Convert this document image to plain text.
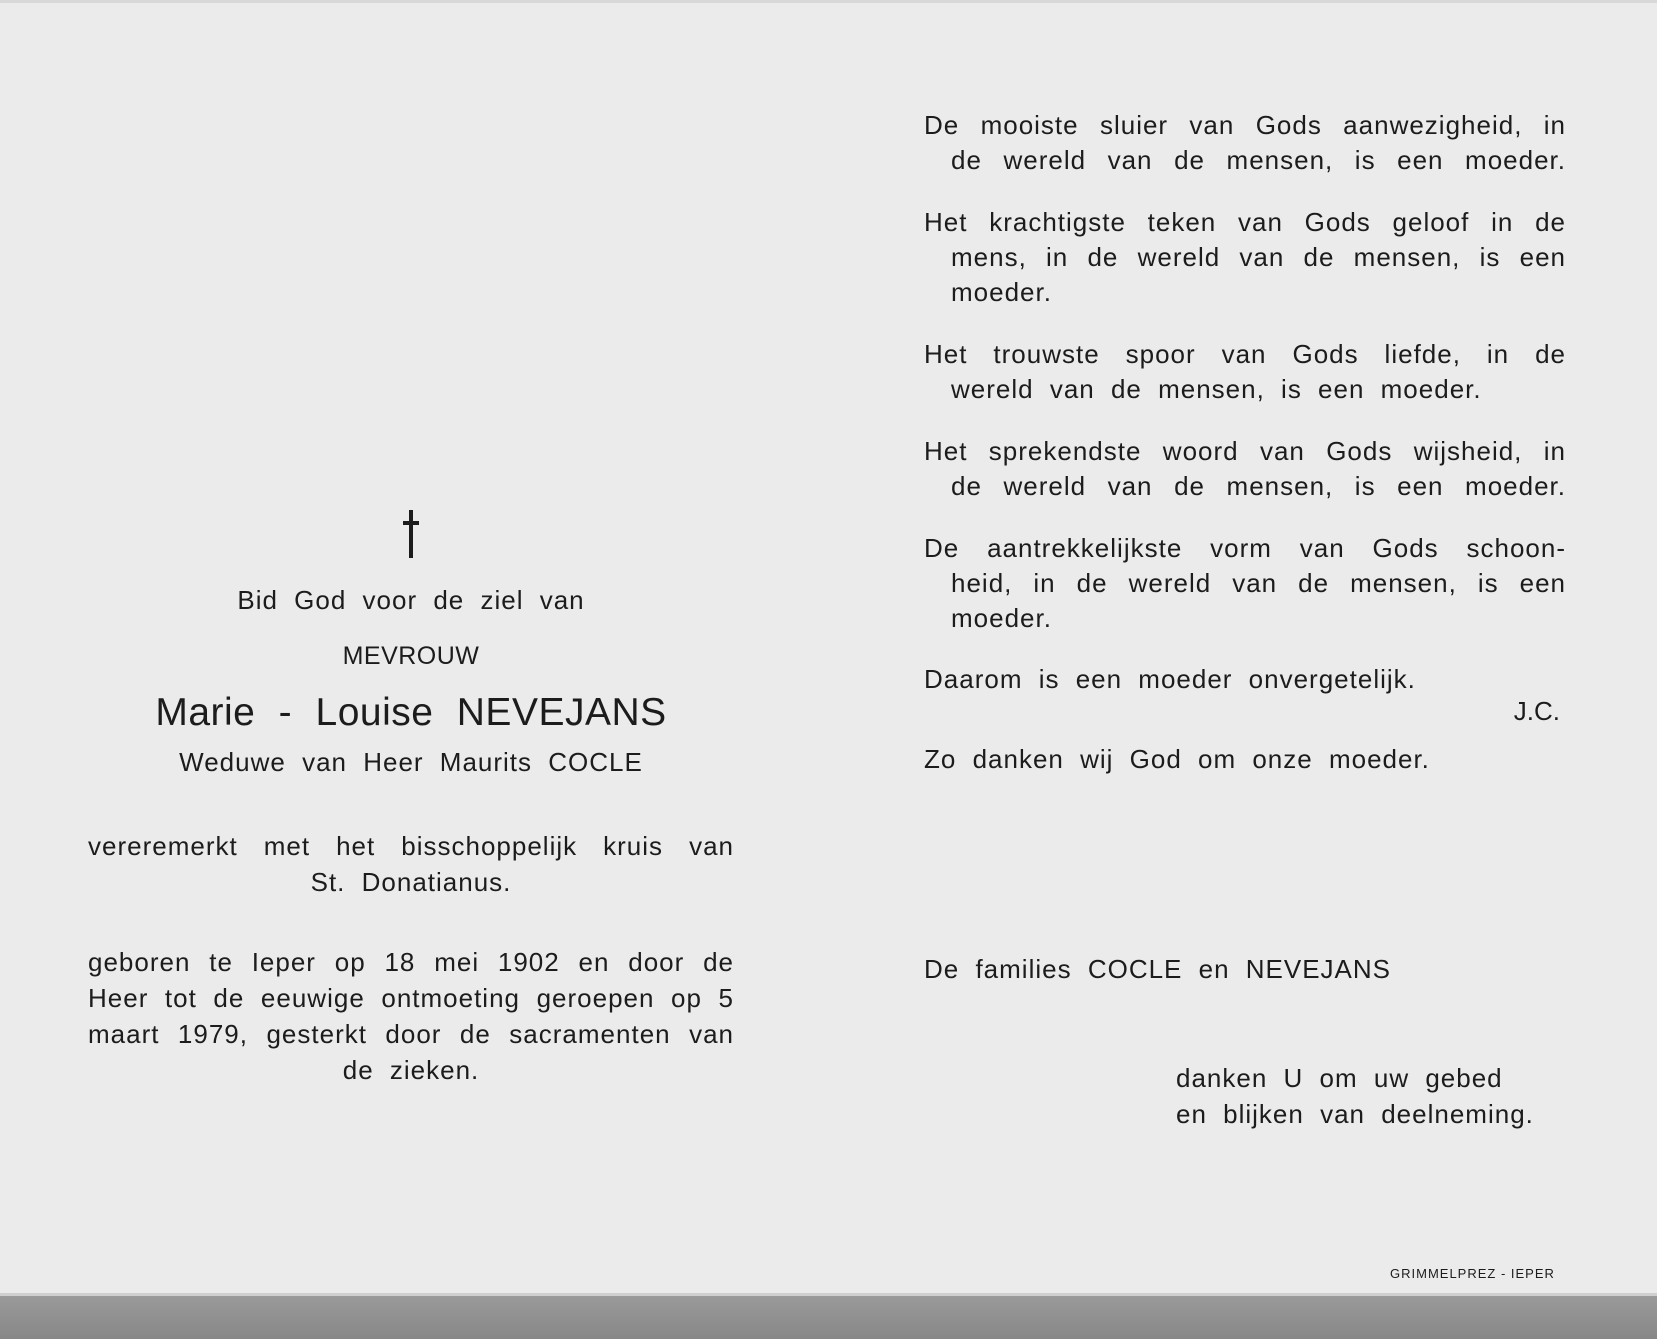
Bid God voor de ziel van
MEVROUW
Marie - Louise NEVEJANS
Weduwe van Heer Maurits COCLE
vereremerkt met het bisschoppelijk kruis van St. Donatianus.
geboren te Ieper op 18 mei 1902 en door de Heer tot de eeuwige ontmoeting geroepen op 5 maart 1979, gesterkt door de sacramenten van de zieken.
De mooiste sluier van Gods aanwezigheid, in
de wereld van de mensen, is een moeder.
Het krachtigste teken van Gods geloof in de
mens, in de wereld van de mensen, is een
moeder.
Het trouwste spoor van Gods liefde, in de
wereld van de mensen, is een moeder.
Het sprekendste woord van Gods wijsheid, in
de wereld van de mensen, is een moeder.
De aantrekkelijkste vorm van Gods schoon-
heid, in de wereld van de mensen, is een
moeder.
Daarom is een moeder onvergetelijk.
J.C.
Zo danken wij God om onze moeder.
De families COCLE en NEVEJANS
danken U om uw gebed
en blijken van deelneming.
GRIMMELPREZ - IEPER
